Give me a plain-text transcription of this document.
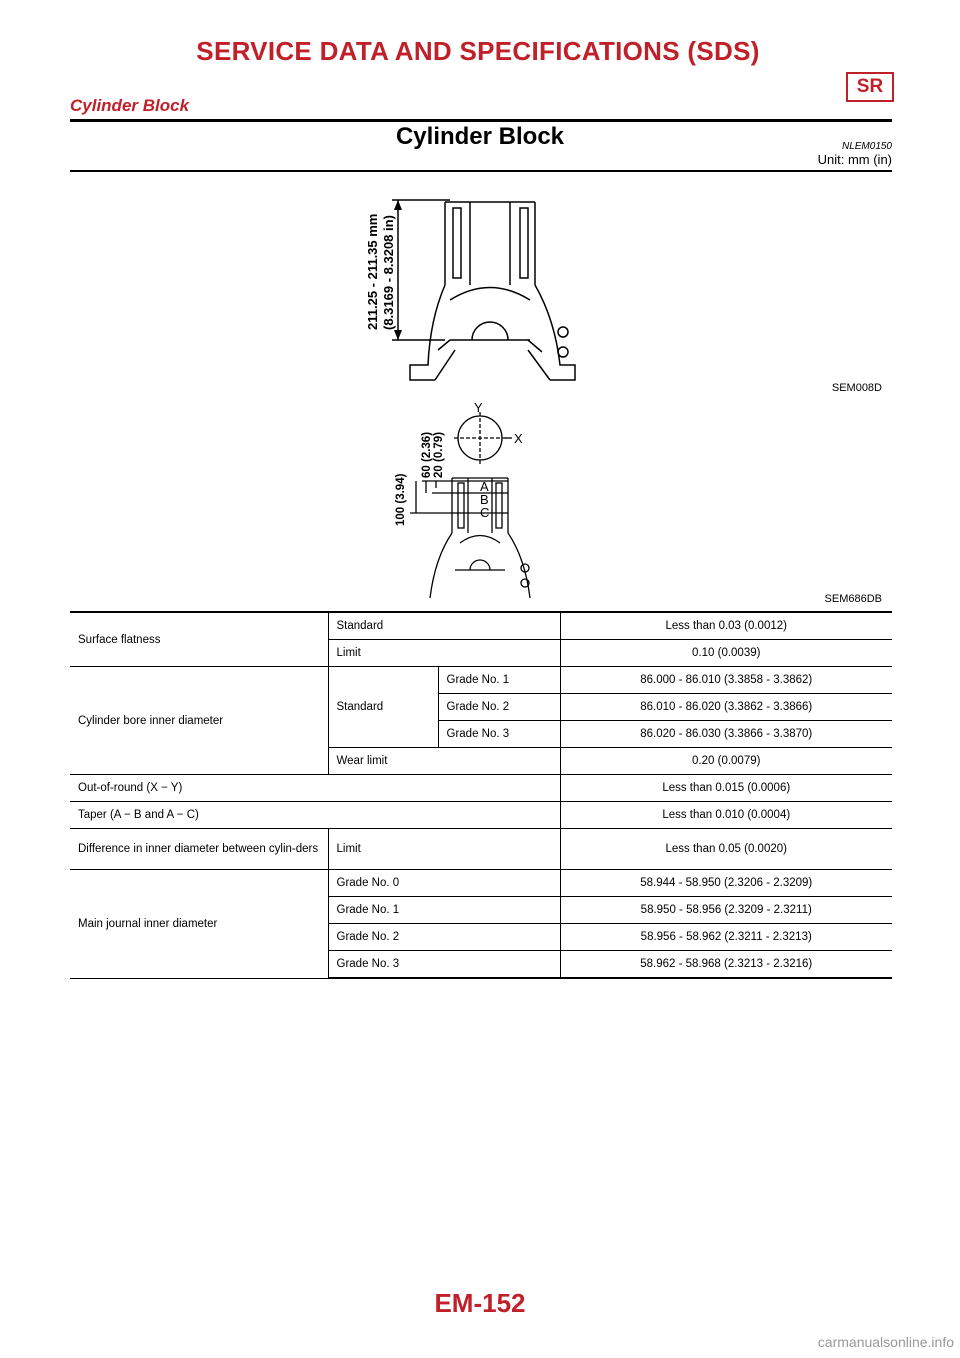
SERVICE DATA AND SPECIFICATIONS (SDS)
SR
Cylinder Block
Cylinder Block	NLEM0150
Unit: mm (in)
211.25 - 211.35 mm (8.3169 - 8.3208 in)
SEM008D
Y
X
A
B
C
100 (3.94)
60 (2.36) 20 (0.79)
SEM686DB
Surface flatness	Standard		Less than 0.03 (0.0012)
	Limit		0.10 (0.0039)
Cylinder bore inner diameter	Standard	Grade No. 1	86.000 - 86.010 (3.3858 - 3.3862)
		Grade No. 2	86.010 - 86.020 (3.3862 - 3.3866)
		Grade No. 3	86.020 - 86.030 (3.3866 - 3.3870)
	Wear limit		0.20 (0.0079)
Out-of-round (X − Y)			Less than 0.015 (0.0006)
Taper (A − B and A − C)			Less than 0.010 (0.0004)
Difference in inner diameter between cylin-ders	Limit		Less than 0.05 (0.0020)
Main journal inner diameter	Grade No. 0		58.944 - 58.950 (2.3206 - 2.3209)
	Grade No. 1		58.950 - 58.956 (2.3209 - 2.3211)
	Grade No. 2		58.956 - 58.962 (2.3211 - 2.3213)
	Grade No. 3		58.962 - 58.968 (2.3213 - 2.3216)
EM-152
carmanualsonline.info
